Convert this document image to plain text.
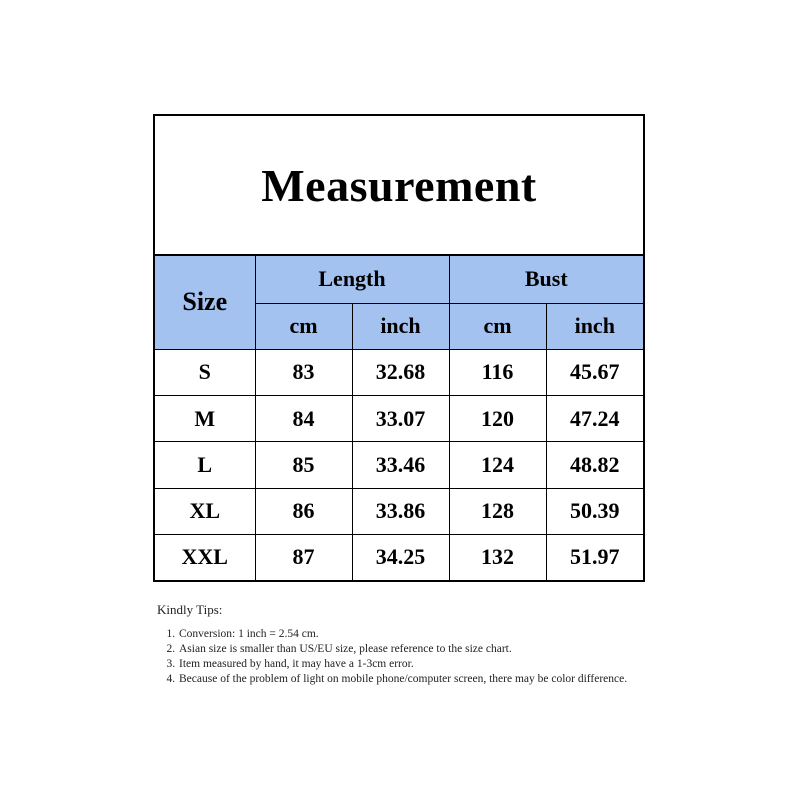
Measurement
Size	Length		Bust	
	cm	inch	cm	inch
S	83	32.68	116	45.67
M	84	33.07	120	47.24
L	85	33.46	124	48.82
XL	86	33.86	128	50.39
XXL	87	34.25	132	51.97
Kindly Tips:
1. Conversion: 1 inch = 2.54 cm.
2. Asian size is smaller than US/EU size, please reference to the size chart.
3. Item measured by hand, it may have a 1-3cm error.
4. Because of the problem of light on mobile phone/computer screen, there may be color difference.
